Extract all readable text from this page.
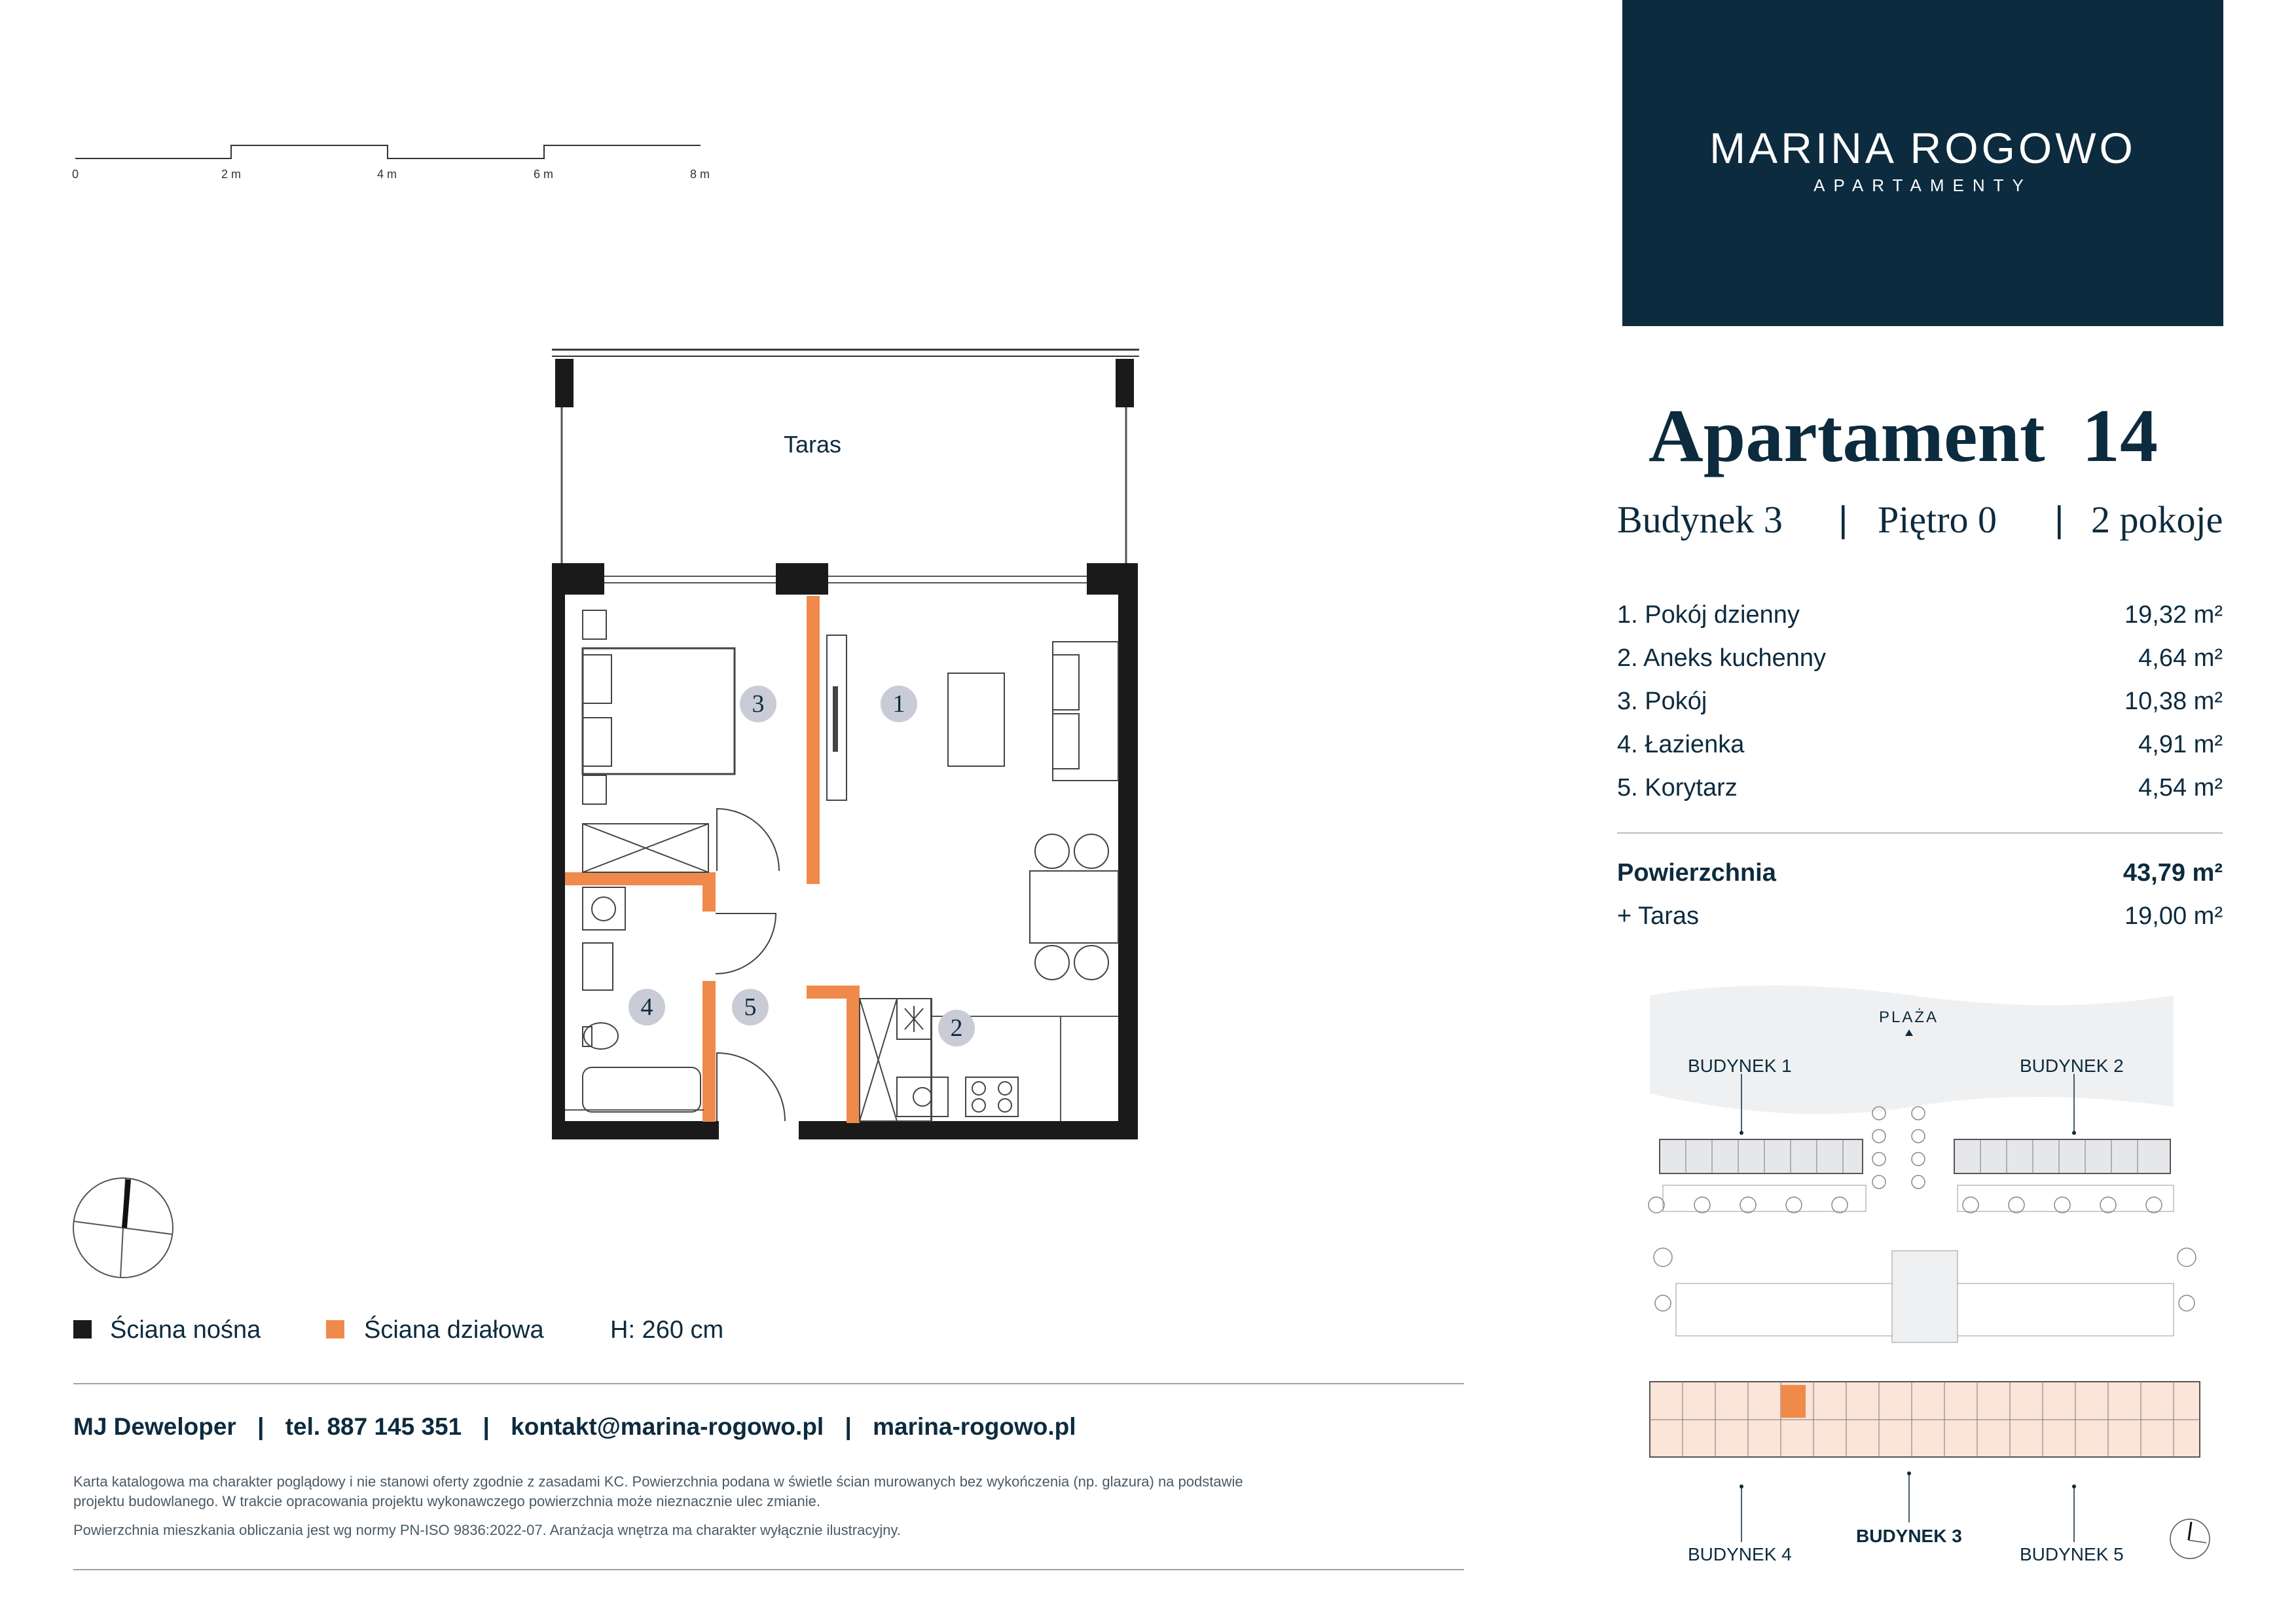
0	2 m	4 m	6 m	8 m
Taras
1
2
3
4	5
Ściana nośna	Ściana działowa	H: 260 cm
MJ Deweloper | tel. 887 145 351 | kontakt@marina-rogowo.pl | marina-rogowo.pl
Karta katalogowa ma charakter poglądowy i nie stanowi oferty zgodnie z zasadami KC. Powierzchnia podana w świetle ścian murowanych bez wykończenia (np. glazura) na podstawie
projektu budowlanego. W trakcie opracowania projektu wykonawczego powierzchnia może nieznacznie ulec zmianie.
Powierzchnia mieszkania obliczania jest wg normy PN-ISO 9836:2022-07. Aranżacja wnętrza ma charakter wyłącznie ilustracyjny.
MARINA ROGOWO
APARTAMENTY
Apartament 14
Budynek 3 | Piętro 0 | 2 pokoje
1. Pokój dzienny	19,32 m²
2. Aneks kuchenny	4,64 m²
3. Pokój	10,38 m²
4. Łazienka	4,91 m²
5. Korytarz	4,54 m²
Powierzchnia	43,79 m²
+ Taras	19,00 m²
PLAŻA
BUDYNEK 1	BUDYNEK 2
BUDYNEK 3
BUDYNEK 4	BUDYNEK 5
